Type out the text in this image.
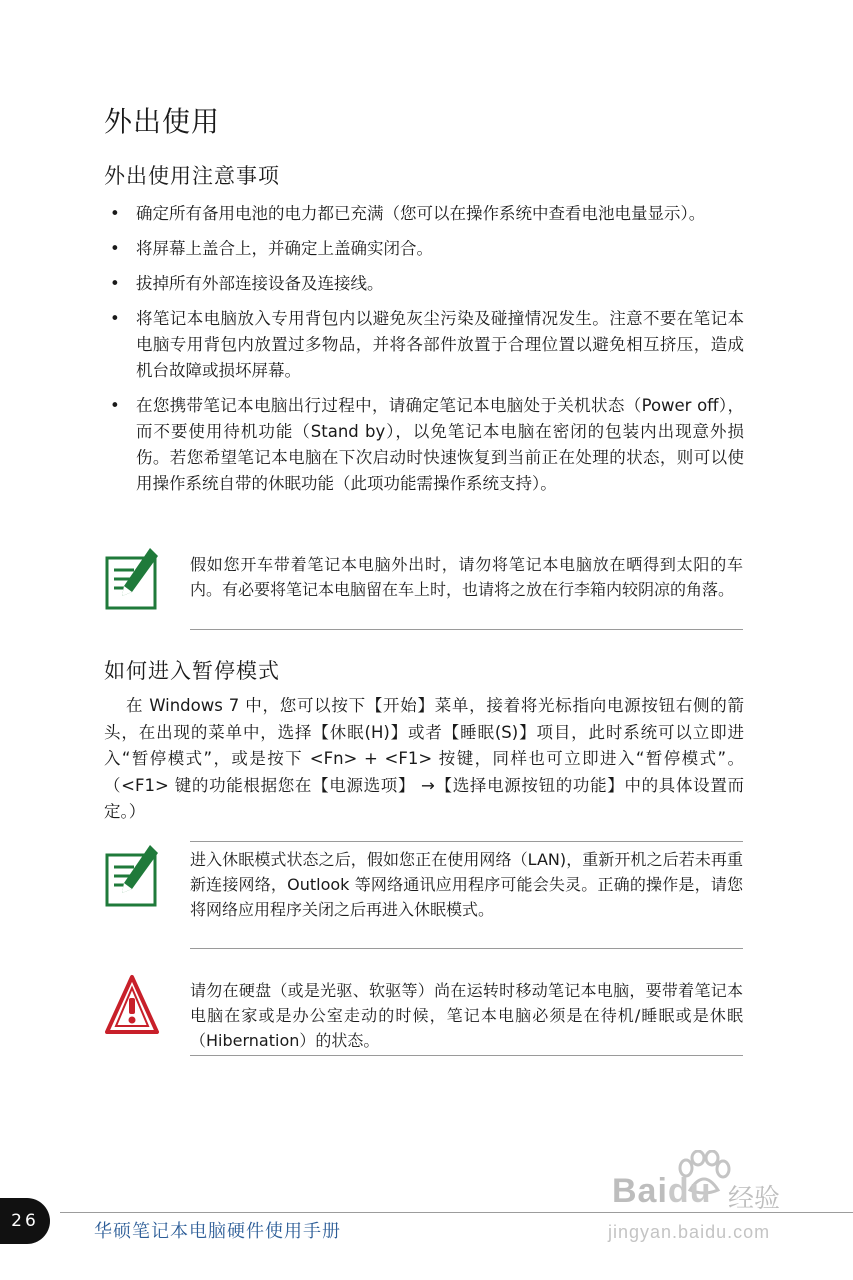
外出使用
外出使用注意事项
• 确定所有备用电池的电力都已充满（您可以在操作系统中查看电池电量显示）。
• 将屏幕上盖合上，并确定上盖确实闭合。
• 拔掉所有外部连接设备及连接线。
• 将笔记本电脑放入专用背包内以避免灰尘污染及碰撞情况发生。注意不要在笔记本电脑专用背包内放置过多物品，并将各部件放置于合理位置以避免相互挤压，造成机台故障或损坏屏幕。
• 在您携带笔记本电脑出行过程中，请确定笔记本电脑处于关机状态（Power off），而不要使用待机功能（Stand by），以免笔记本电脑在密闭的包装内出现意外损伤。若您希望笔记本电脑在下次启动时快速恢复到当前正在处理的状态，则可以使用操作系统自带的休眠功能（此项功能需操作系统支持）。
假如您开车带着笔记本电脑外出时，请勿将笔记本电脑放在晒得到太阳的车内。有必要将笔记本电脑留在车上时，也请将之放在行李箱内较阴凉的角落。
如何进入暂停模式

在 Windows 7 中，您可以按下【开始】菜单，接着将光标指向电源按钮右侧的箭头，在出现的菜单中，选择【休眠(H)】或者【睡眠(S)】项目，此时系统可以立即进入“暂停模式”，或是按下 <Fn> + <F1> 按键，同样也可立即进入“暂停模式”。（<F1> 键的功能根据您在【电源选项】 →【选择电源按钮的功能】中的具体设置而定。）

进入休眠模式状态之后，假如您正在使用网络（LAN)，重新开机之后若未再重新连接网络，Outlook 等网络通讯应用程序可能会失灵。正确的操作是，请您将网络应用程序关闭之后再进入休眠模式。
请勿在硬盘（或是光驱、软驱等）尚在运转时移动笔记本电脑，要带着笔记本电脑在家或是办公室走动的时候，笔记本电脑必须是在待机/睡眠或是休眠（Hibernation）的状态。
26	华硕笔记本电脑硬件使用手册
Baidu 经验
jingyan.baidu.com
